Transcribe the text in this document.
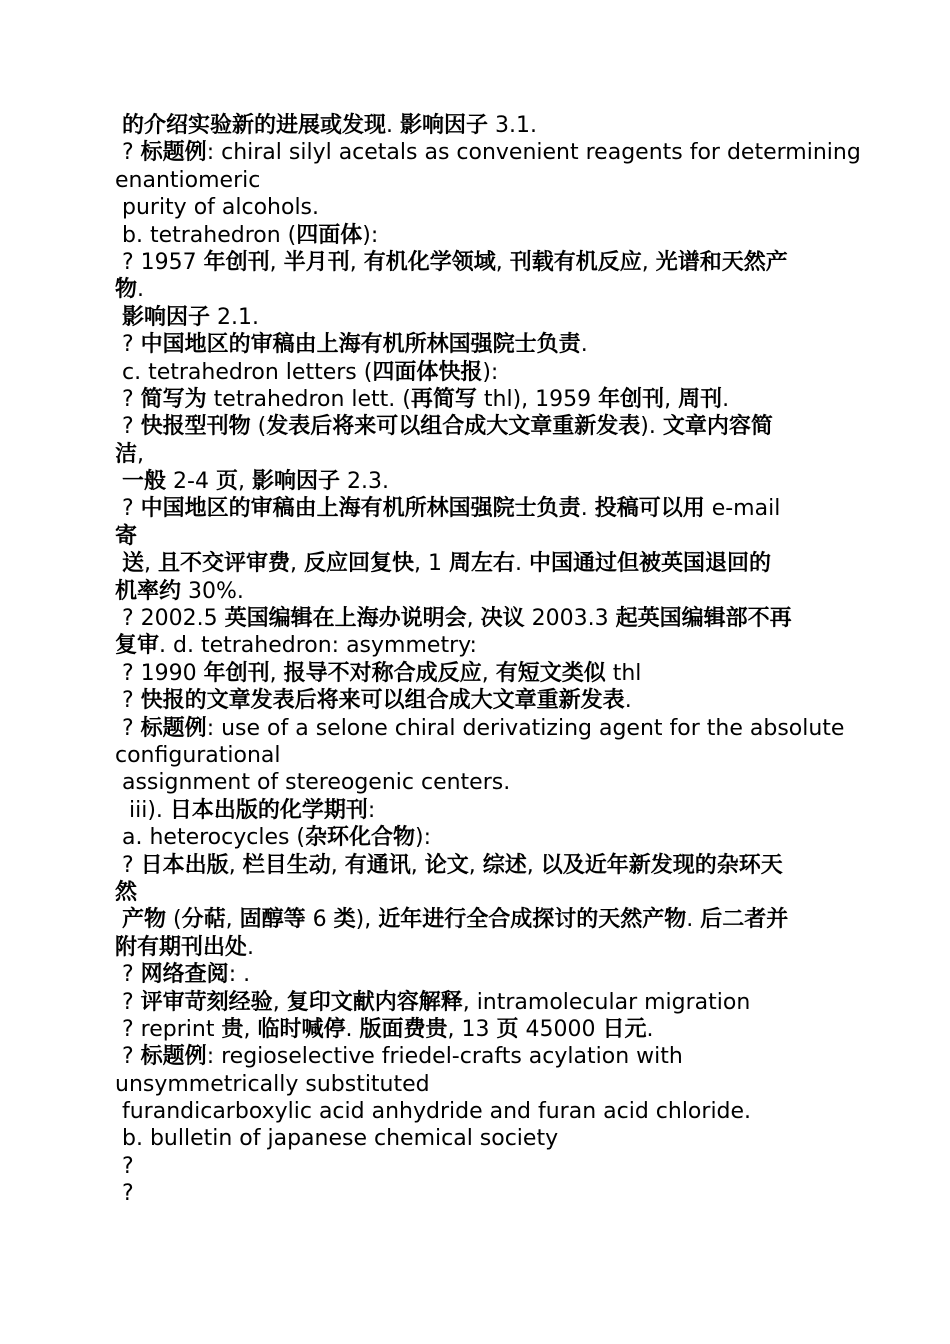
的介绍实验新的进展或发现. 影响因子 3.1.
? 标题例: chiral silyl acetals as convenient reagents for determining
enantiomeric
purity of alcohols.
b. tetrahedron (四面体):
? 1957 年创刊, 半月刊, 有机化学领域, 刊载有机反应, 光谱和天然产
物.
影响因子 2.1.
? 中国地区的审稿由上海有机所林国强院士负责.
c. tetrahedron letters (四面体快报):
? 简写为 tetrahedron lett. (再简写 thl), 1959 年创刊, 周刊.
? 快报型刊物 (发表后将来可以组合成大文章重新发表). 文章内容简
洁,
一般 2-4 页, 影响因子 2.3.
? 中国地区的审稿由上海有机所林国强院士负责. 投稿可以用 e-mail
寄
送, 且不交评审费, 反应回复快, 1 周左右. 中国通过但被英国退回的
机率约 30%.
? 2002.5 英国编辑在上海办说明会, 决议 2003.3 起英国编辑部不再
复审. d. tetrahedron: asymmetry:
? 1990 年创刊, 报导不对称合成反应, 有短文类似 thl
? 快报的文章发表后将来可以组合成大文章重新发表.
? 标题例: use of a selone chiral derivatizing agent for the absolute
configurational
assignment of stereogenic centers.
iii). 日本出版的化学期刊:
a. heterocycles (杂环化合物):
? 日本出版, 栏目生动, 有通讯, 论文, 综述, 以及近年新发现的杂环天
然
产物 (分萜, 固醇等 6 类), 近年进行全合成探讨的天然产物. 后二者并
附有期刊出处.
? 网络查阅: .
? 评审苛刻经验, 复印文献内容解释, intramolecular migration
? reprint 贵, 临时喊停. 版面费贵, 13 页 45000 日元.
? 标题例: regioselective friedel-crafts acylation with
unsymmetrically substituted
furandicarboxylic acid anhydride and furan acid chloride.
b. bulletin of japanese chemical society
?
?
